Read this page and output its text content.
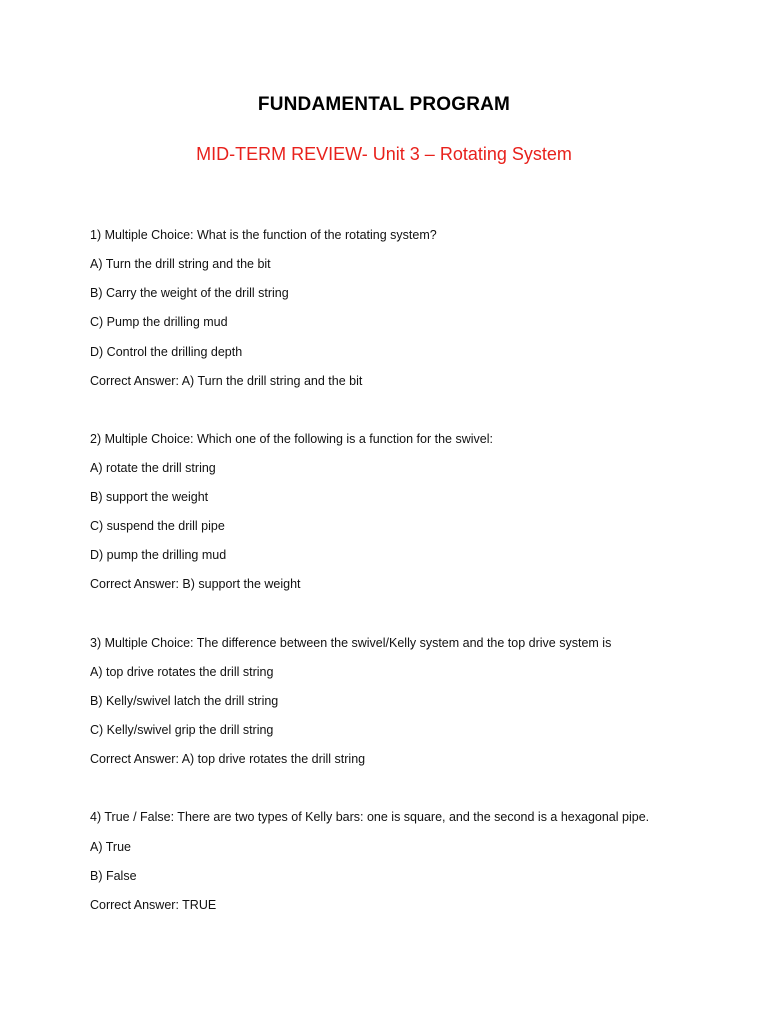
FUNDAMENTAL PROGRAM
MID-TERM REVIEW- Unit 3 – Rotating System
1) Multiple Choice: What is the function of the rotating system?
A) Turn the drill string and the bit
B) Carry the weight of the drill string
C) Pump the drilling mud
D) Control the drilling depth
Correct Answer: A) Turn the drill string and the bit
2) Multiple Choice: Which one of the following is a function for the swivel:
A) rotate the drill string
B) support the weight
C) suspend the drill pipe
D) pump the drilling mud
Correct Answer: B) support the weight
3) Multiple Choice: The difference between the swivel/Kelly system and the top drive system is
A) top drive rotates the drill string
B) Kelly/swivel latch the drill string
C) Kelly/swivel grip the drill string
Correct Answer: A) top drive rotates the drill string
4) True / False: There are two types of Kelly bars: one is square, and the second is a hexagonal pipe.
A) True
B) False
Correct Answer: TRUE
